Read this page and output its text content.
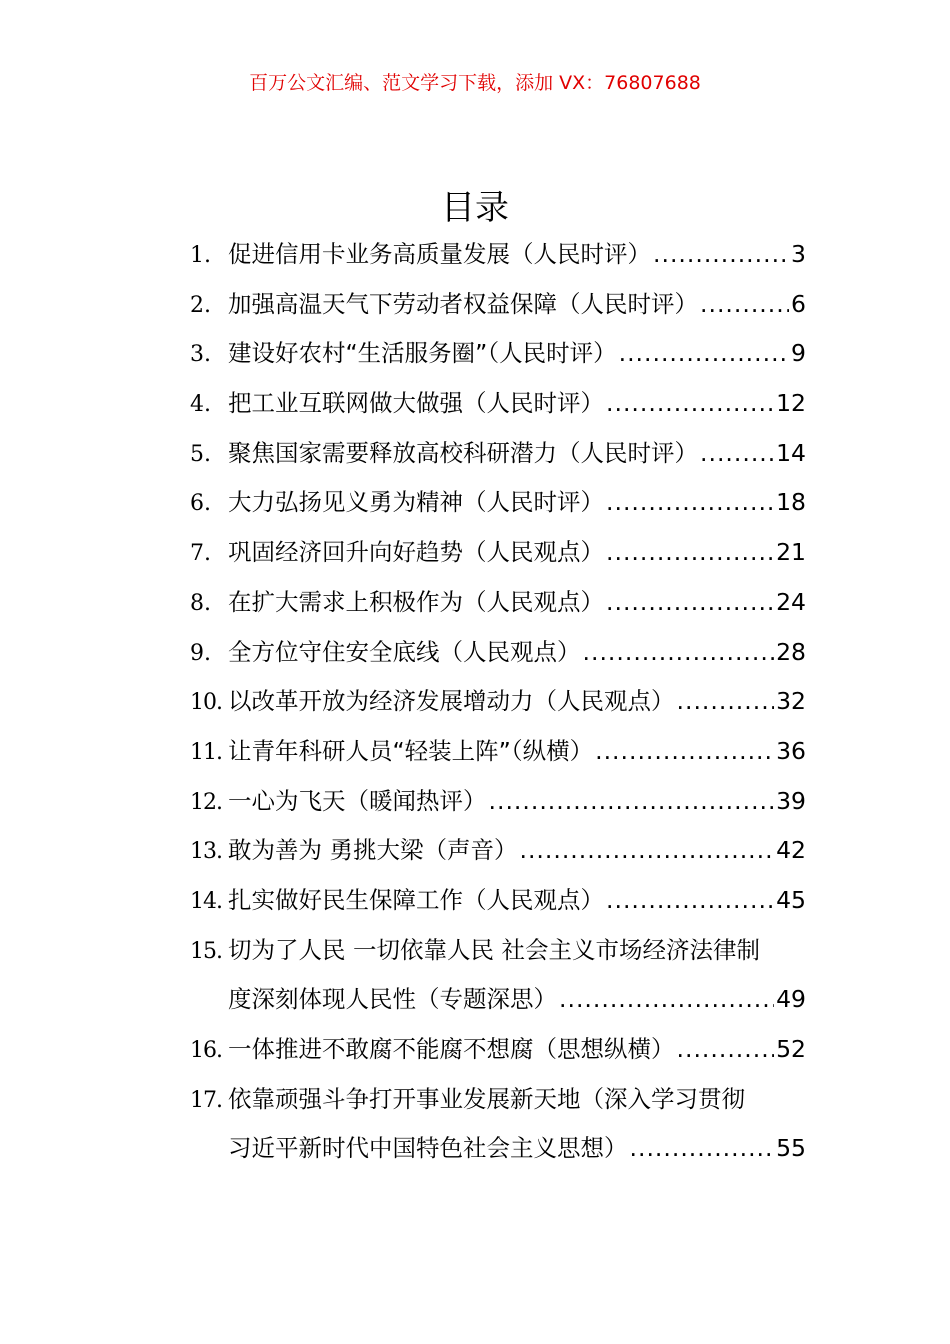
百万公文汇编、范文学习下载，添加 VX：76807688
目录
1. 促进信用卡业务高质量发展（人民时评） .....	3
2. 加强高温天气下劳动者权益保障（人民时评） .....	6
3. 建设好农村“生活服务圈”（人民时评） .....	9
4. 把工业互联网做大做强（人民时评） .....	12
5. 聚焦国家需要释放高校科研潜力（人民时评） .....	14
6. 大力弘扬见义勇为精神（人民时评） .....	18
7. 巩固经济回升向好趋势（人民观点） .....	21
8. 在扩大需求上积极作为（人民观点） .....	24
9. 全方位守住安全底线（人民观点） .....	28
10. 以改革开放为经济发展增动力（人民观点） .....	32
11. 让青年科研人员“轻装上阵”（纵横） .....	36
12. 一心为飞天（暖闻热评） .....	39
13. 敢为善为 勇挑大梁（声音） .....	42
14. 扎实做好民生保障工作（人民观点） .....	45
15. 切为了人民 一切依靠人民 社会主义市场经济法律制
度深刻体现人民性（专题深思） .....	49
16. 一体推进不敢腐不能腐不想腐（思想纵横） .....	52
17. 依靠顽强斗争打开事业发展新天地（深入学习贯彻
习近平新时代中国特色社会主义思想） .....	55
